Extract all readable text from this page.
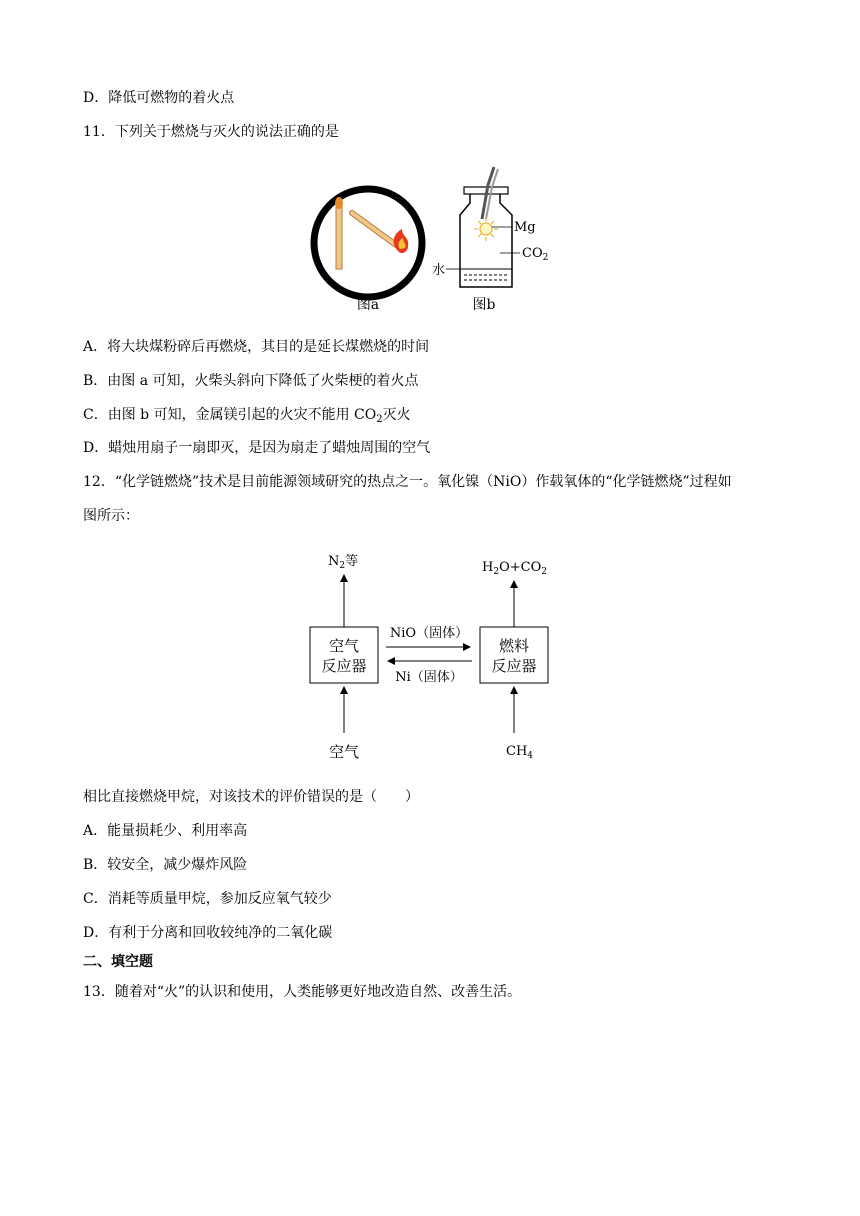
D．降低可燃物的着火点
11．下列关于燃烧与灭火的说法正确的是
图a
Mg
$CO_2$
水
图b
A．将大块煤粉碎后再燃烧，其目的是延长煤燃烧的时间
B．由图 a 可知，火柴头斜向下降低了火柴梗的着火点
C．由图 b 可知，金属镁引起的火灾不能用 $CO_2$灭火
D．蜡烛用扇子一扇即灭，是因为扇走了蜡烛周围的空气
12．“化学链燃烧”技术是目前能源领域研究的热点之一。氧化镍（NiO）作载氧体的“化学链燃烧”过程如
图所示：
$N_2$等	$H_2O+CO_2$
空气
反应器
燃料
反应器
NiO（固体）
Ni（固体）
空气	$CH_4$
相比直接燃烧甲烷，对该技术的评价错误的是（　　）
A．能量损耗少、利用率高
B．较安全，减少爆炸风险
C．消耗等质量甲烷，参加反应氧气较少
D．有利于分离和回收较纯净的二氧化碳
二、填空题
13．随着对“火”的认识和使用，人类能够更好地改造自然、改善生活。
